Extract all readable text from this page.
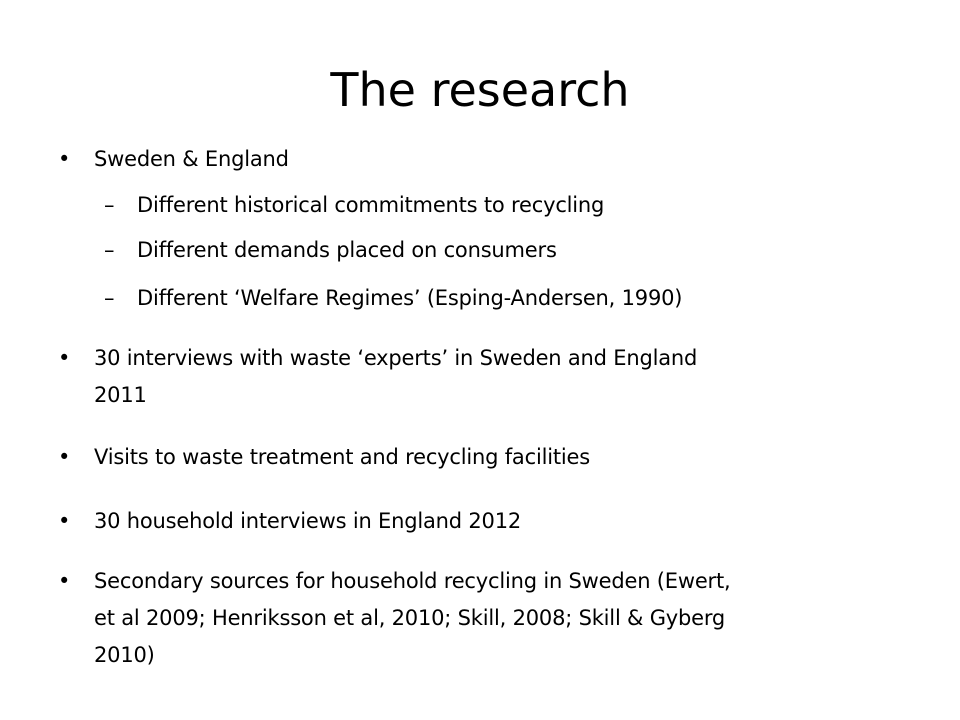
The research
• Sweden & England
– Different historical commitments to recycling
– Different demands placed on consumers
– Different ‘Welfare Regimes’ (Esping-Andersen, 1990)
• 30 interviews with waste ‘experts’ in Sweden and England
2011
• Visits to waste treatment and recycling facilities
• 30 household interviews in England 2012
• Secondary sources for household recycling in Sweden (Ewert,
et al 2009; Henriksson et al, 2010; Skill, 2008; Skill & Gyberg
2010)
